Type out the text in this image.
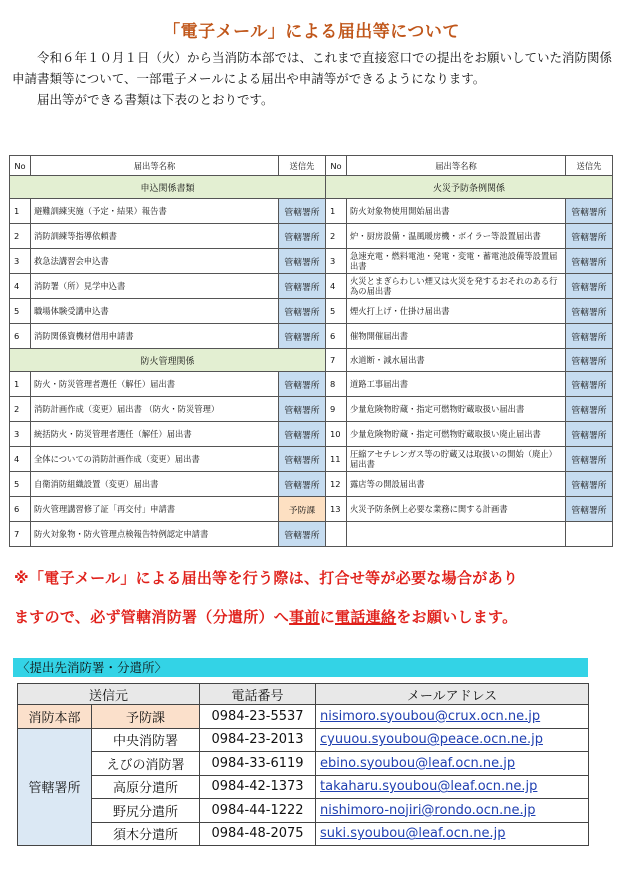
「電子メール」による届出等について

令和６年１０月１日（火）から当消防本部では、これまで直接窓口での提出をお願いしていた消防関係申請書類等について、一部電子メールによる届出や申請等ができるようになります。

届出等ができる書類は下表のとおりです。

No	届出等名称	送信先	No	届出等名称	送信先
申込関係書類			火災予防条例関係		
1	避難訓練実施（予定・結果）報告書	管轄署所	1	防火対象物使用開始届出書	管轄署所
2	消防訓練等指導依頼書	管轄署所	2	炉・厨房設備・温風暖房機・ボイラー等設置届出書	管轄署所
3	救急法講習会申込書	管轄署所	3	急速充電・燃料電池・発電・変電・蓄電池設備等設置届出書	管轄署所
4	消防署（所）見学申込書	管轄署所	4	火災とまぎらわしい煙又は火災を発するおそれのある行為の届出書	管轄署所
5	職場体験受講申込書	管轄署所	5	煙火打上げ・仕掛け届出書	管轄署所
6	消防関係資機材借用申請書	管轄署所	6	催物開催届出書	管轄署所
防火管理関係			7	水道断・減水届出書	管轄署所
1	防火・防災管理者選任（解任）届出書	管轄署所	8	道路工事届出書	管轄署所
2	消防計画作成（変更）届出書 （防火・防災管理）	管轄署所	9	少量危険物貯蔵・指定可燃物貯蔵取扱い届出書	管轄署所
3	統括防火・防災管理者選任（解任）届出書	管轄署所	10	少量危険物貯蔵・指定可燃物貯蔵取扱い廃止届出書	管轄署所
4	全体についての消防計画作成（変更）届出書	管轄署所	11	圧縮アセチレンガス等の貯蔵又は取扱いの開始（廃止）届出書	管轄署所
5	自衛消防組織設置（変更）届出書	管轄署所	12	露店等の開設届出書	管轄署所
6	防火管理講習修了証「再交付」申請書	予防課	13	火災予防条例上必要な業務に関する計画書	管轄署所
7	防火対象物・防火管理点検報告特例認定申請書	管轄署所			
※「電子メール」による届出等を行う際は、打合せ等が必要な場合があり
ますので、必ず管轄消防署（分遣所）へ事前に電話連絡をお願いします。
〈提出先消防署・分遣所〉
送信元		電話番号	メールアドレス
消防本部	予防課	0984-23-5537	nisimoro.syoubou@crux.ocn.ne.jp
管轄署所	中央消防署	0984-23-2013	cyuuou.syoubou@peace.ocn.ne.jp
	えびの消防署	0984-33-6119	ebino.syoubou@leaf.ocn.ne.jp
	高原分遣所	0984-42-1373	takaharu.syoubou@leaf.ocn.ne.jp
	野尻分遣所	0984-44-1222	nishimoro-nojiri@rondo.ocn.ne.jp
	須木分遣所	0984-48-2075	suki.syoubou@leaf.ocn.ne.jp
